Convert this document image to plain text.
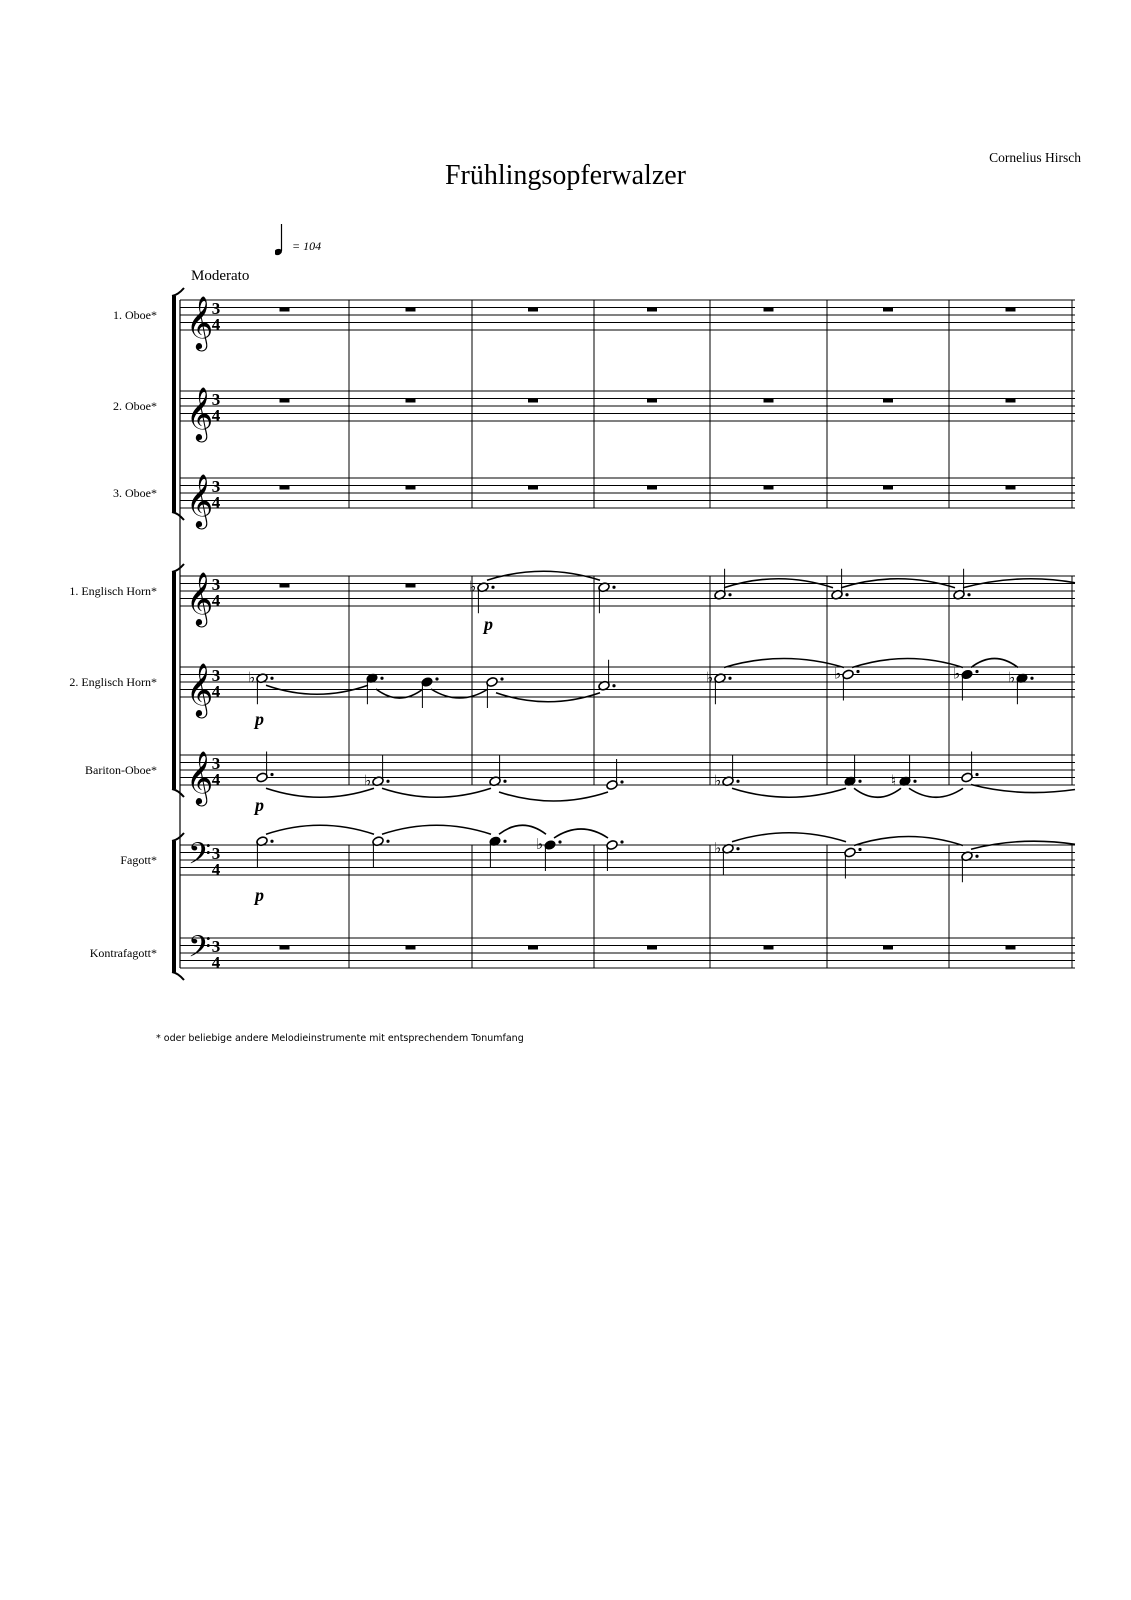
Cornelius Hirsch
Frühlingsopferwalzer
= 104
Moderato
𝄞
3
4
1. Oboe*
𝄞
3
4
2. Oboe*
𝄞
3
4
3. Oboe*
𝄞
3
4
1. Englisch Horn*
𝄞
3
4
2. Englisch Horn*
𝄞
3
4
Bariton-Oboe*
𝄢 3
4
Fagott*
𝄢 3
4
Kontrafagott*
♭
p
♭	♭	♭	♭	♭
p
♭	♭	♮
p
♭	♭
p
* oder beliebige andere Melodieinstrumente mit entsprechendem Tonumfang
